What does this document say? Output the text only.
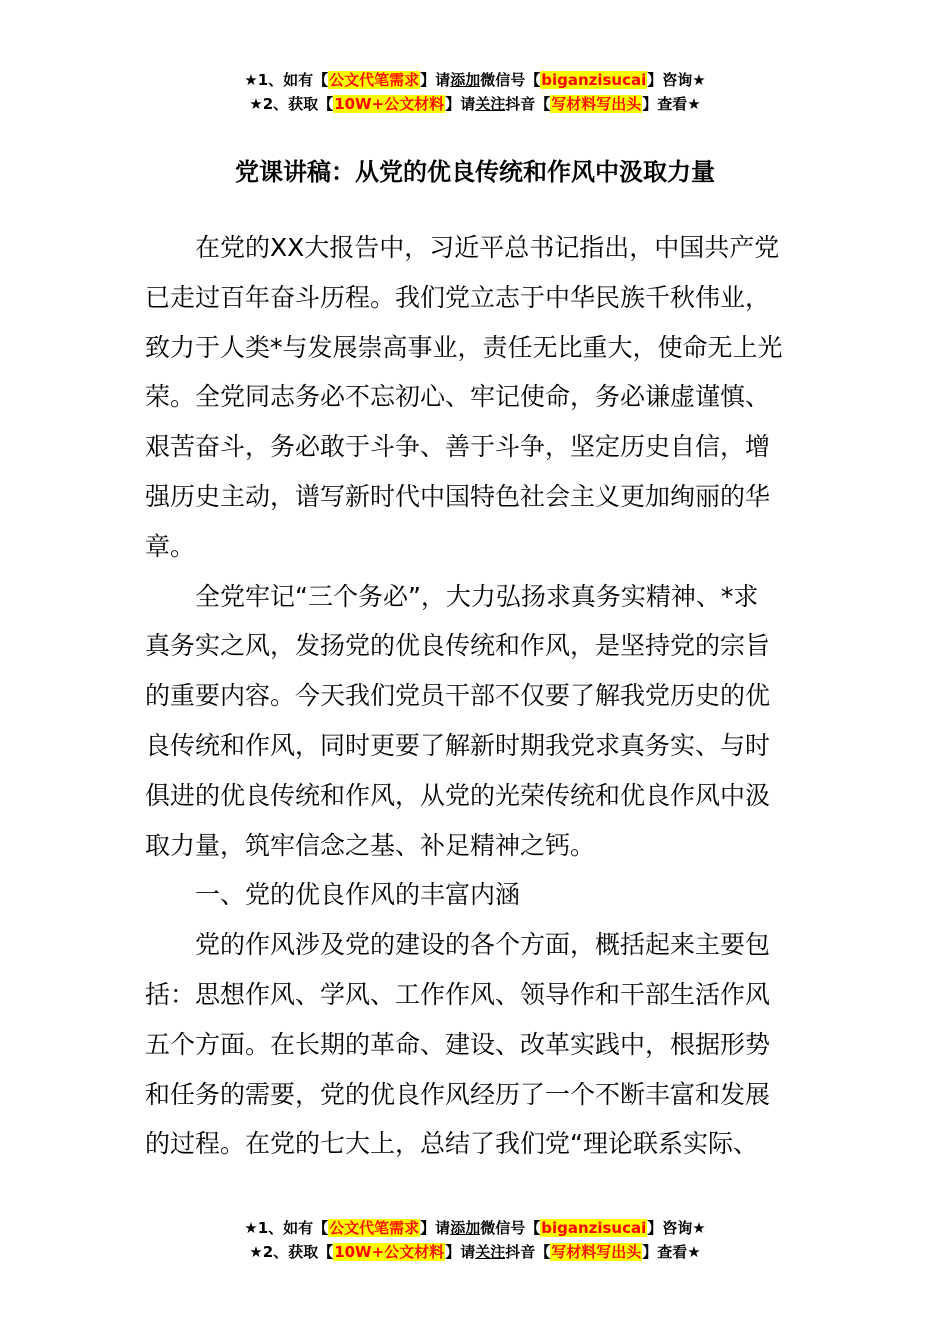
★1、如有【公文代笔需求】请添加微信号【biganzisucai】咨询★
★2、获取【10W+公文材料】请关注抖音【写材料写出头】查看★
党课讲稿：从党的优良传统和作风中汲取力量
在党的XX大报告中，习近平总书记指出，中国共产党
已走过百年奋斗历程。我们党立志于中华民族千秋伟业，
致力于人类*与发展崇高事业，责任无比重大，使命无上光
荣。全党同志务必不忘初心、牢记使命，务必谦虚谨慎、
艰苦奋斗，务必敢于斗争、善于斗争，坚定历史自信，增
强历史主动，谱写新时代中国特色社会主义更加绚丽的华
章。
全党牢记“三个务必”，大力弘扬求真务实精神、*求
真务实之风，发扬党的优良传统和作风，是坚持党的宗旨
的重要内容。今天我们党员干部不仅要了解我党历史的优
良传统和作风，同时更要了解新时期我党求真务实、与时
俱进的优良传统和作风，从党的光荣传统和优良作风中汲
取力量，筑牢信念之基、补足精神之钙。
一、党的优良作风的丰富内涵
党的作风涉及党的建设的各个方面，概括起来主要包
括：思想作风、学风、工作作风、领导作和干部生活作风
五个方面。在长期的革命、建设、改革实践中，根据形势
和任务的需要，党的优良作风经历了一个不断丰富和发展
的过程。在党的七大上，总结了我们党“理论联系实际、
★1、如有【公文代笔需求】请添加微信号【biganzisucai】咨询★
★2、获取【10W+公文材料】请关注抖音【写材料写出头】查看★
